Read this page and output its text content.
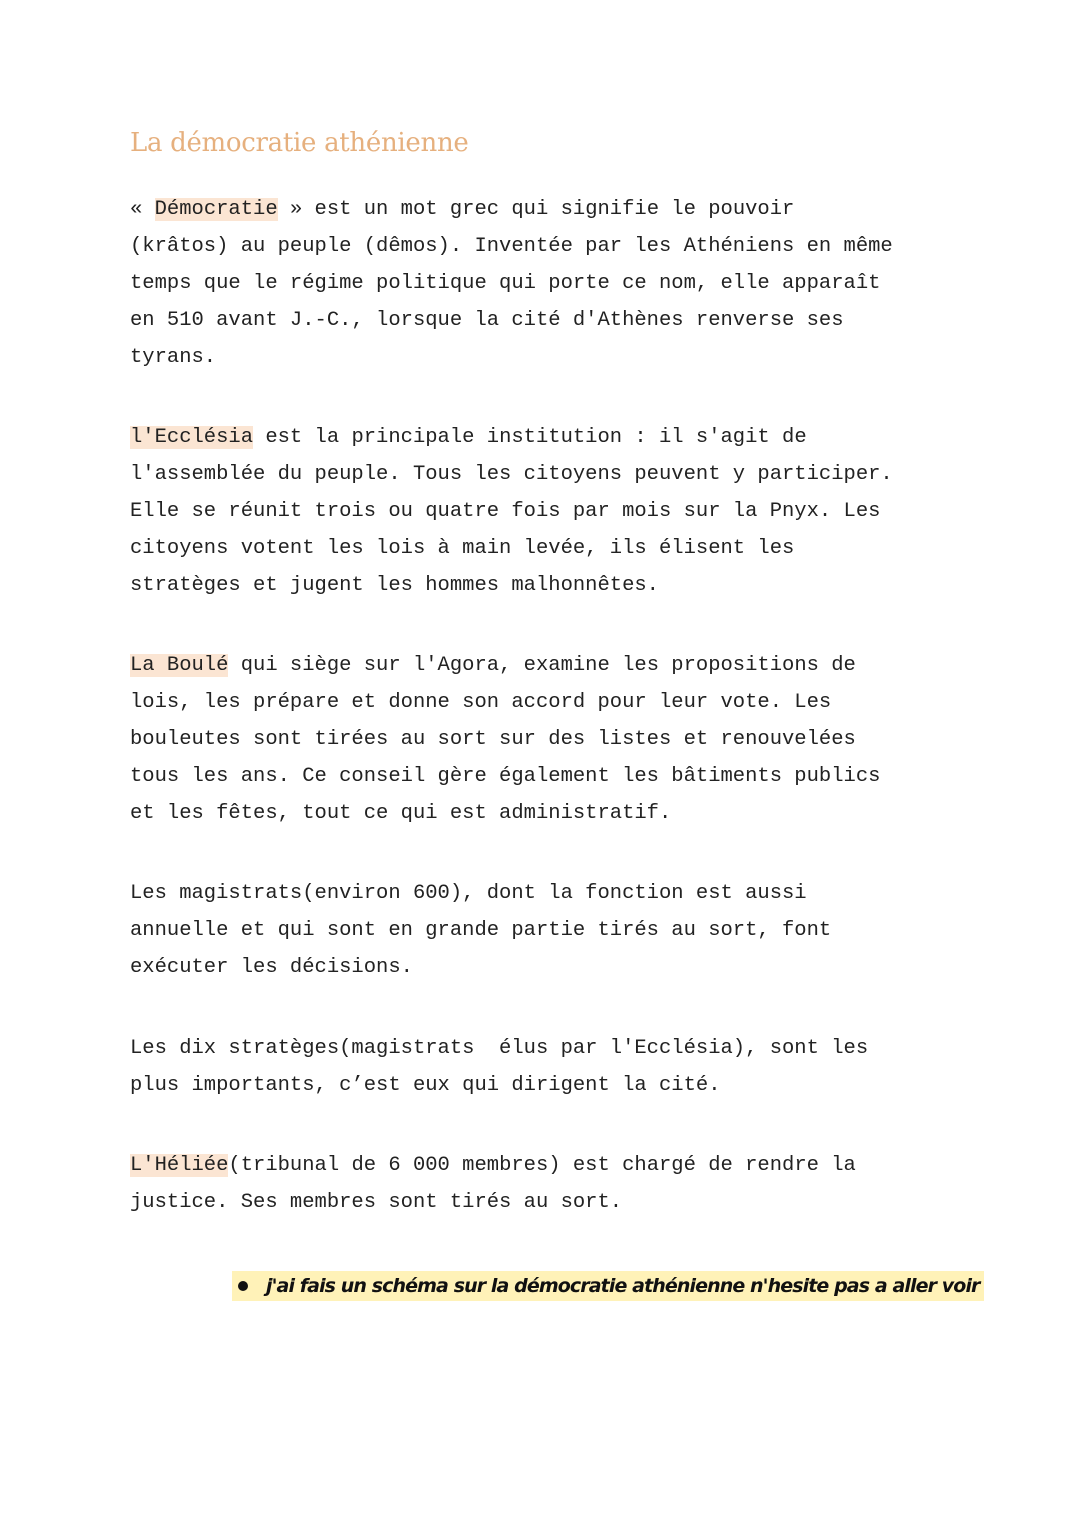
La démocratie athénienne

« Démocratie » est un mot grec qui signifie le pouvoir
(krâtos) au peuple (dêmos). Inventée par les Athéniens en même
temps que le régime politique qui porte ce nom, elle apparaît
en 510 avant J.-C., lorsque la cité d'Athènes renverse ses
tyrans.

l'Ecclésia est la principale institution : il s'agit de
l'assemblée du peuple. Tous les citoyens peuvent y participer.
Elle se réunit trois ou quatre fois par mois sur la Pnyx. Les
citoyens votent les lois à main levée, ils élisent les
stratèges et jugent les hommes malhonnêtes.

La Boulé qui siège sur l'Agora, examine les propositions de
lois, les prépare et donne son accord pour leur vote. Les
bouleutes sont tirées au sort sur des listes et renouvelées
tous les ans. Ce conseil gère également les bâtiments publics
et les fêtes, tout ce qui est administratif.

Les magistrats(environ 600), dont la fonction est aussi
annuelle et qui sont en grande partie tirés au sort, font
exécuter les décisions.

Les dix stratèges(magistrats  élus par l'Ecclésia), sont les
plus importants, c’est eux qui dirigent la cité.

L'Héliée(tribunal de 6 000 membres) est chargé de rendre la
justice. Ses membres sont tirés au sort.

j'ai fais un schéma sur la démocratie athénienne n'hesite pas a aller voir
